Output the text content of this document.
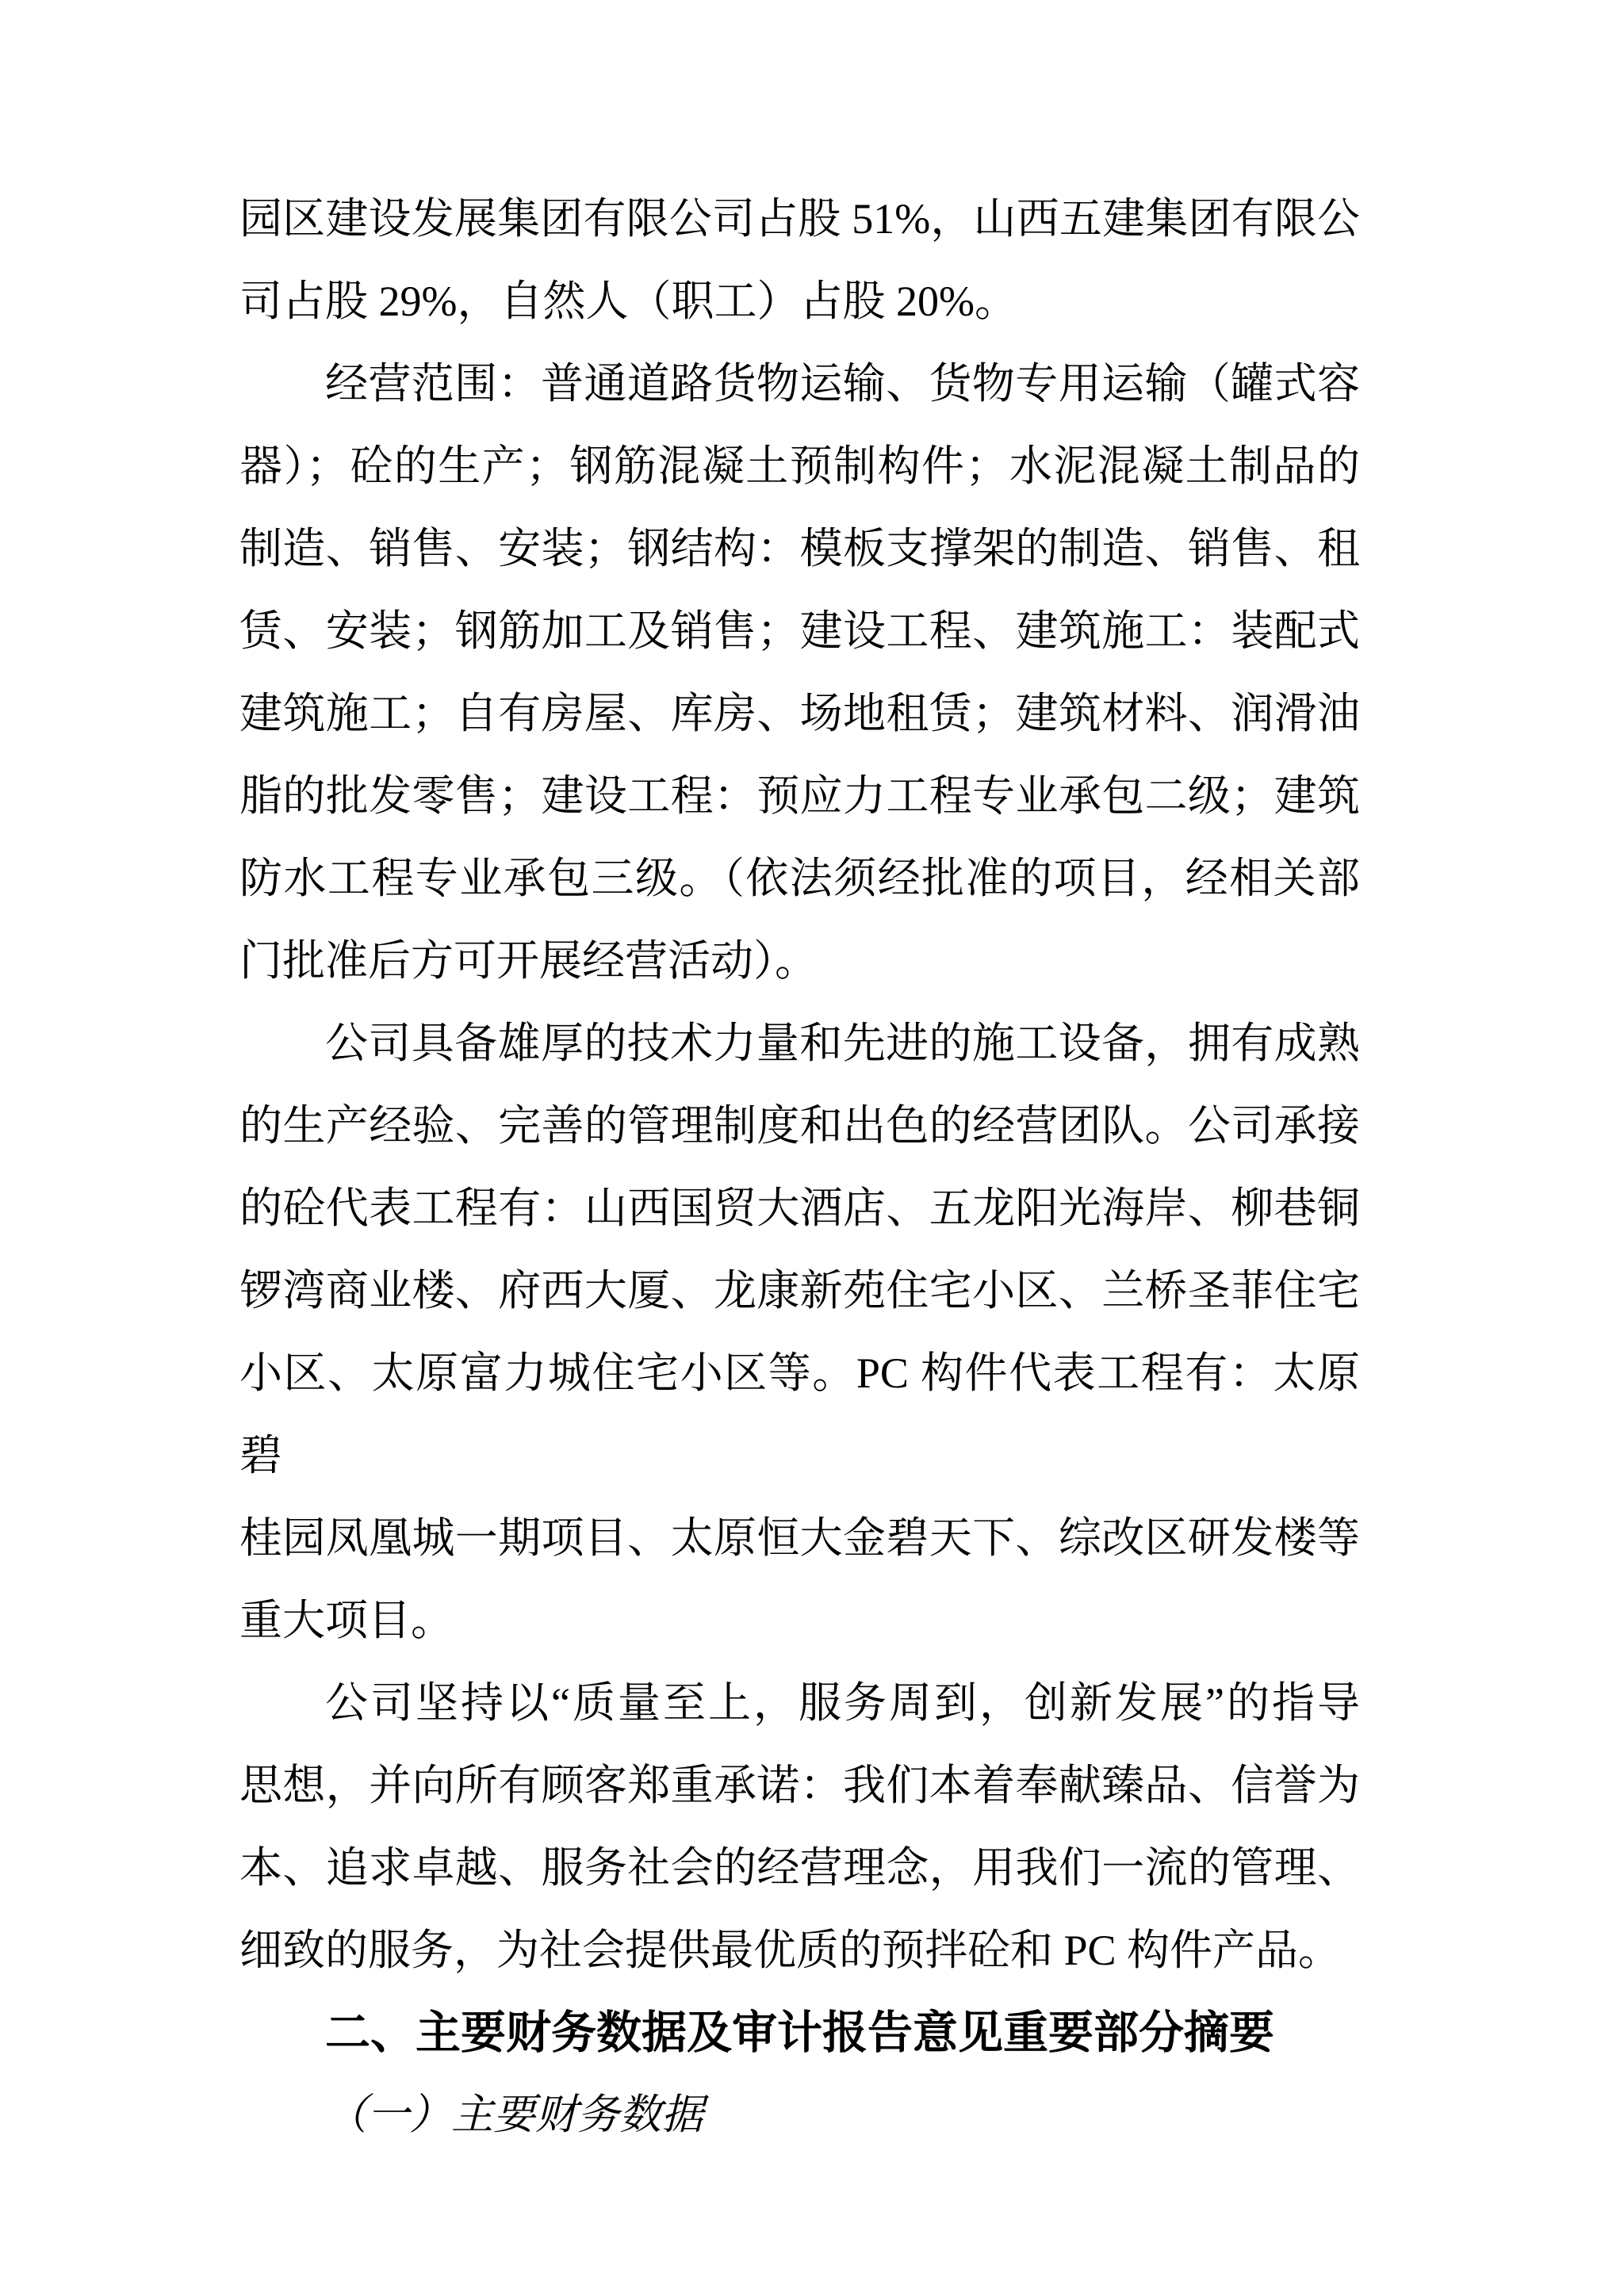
园区建设发展集团有限公司占股 51%，山西五建集团有限公
司占股 29%，自然人（职工）占股 20%。
经营范围：普通道路货物运输、货物专用运输（罐式容
器）；砼的生产；钢筋混凝土预制构件；水泥混凝土制品的
制造、销售、安装；钢结构：模板支撑架的制造、销售、租
赁、安装；钢筋加工及销售；建设工程、建筑施工：装配式
建筑施工；自有房屋、库房、场地租赁；建筑材料、润滑油
脂的批发零售；建设工程：预应力工程专业承包二级；建筑
防水工程专业承包三级。（依法须经批准的项目，经相关部
门批准后方可开展经营活动）。
公司具备雄厚的技术力量和先进的施工设备，拥有成熟
的生产经验、完善的管理制度和出色的经营团队。公司承接
的砼代表工程有：山西国贸大酒店、五龙阳光海岸、柳巷铜
锣湾商业楼、府西大厦、龙康新苑住宅小区、兰桥圣菲住宅
小区、太原富力城住宅小区等。PC 构件代表工程有：太原碧
桂园凤凰城一期项目、太原恒大金碧天下、综改区研发楼等
重大项目。
公司坚持以“质量至上，服务周到，创新发展”的指导
思想，并向所有顾客郑重承诺：我们本着奉献臻品、信誉为
本、追求卓越、服务社会的经营理念，用我们一流的管理、
细致的服务，为社会提供最优质的预拌砼和 PC 构件产品。
二、主要财务数据及审计报告意见重要部分摘要
（一）主要财务数据
